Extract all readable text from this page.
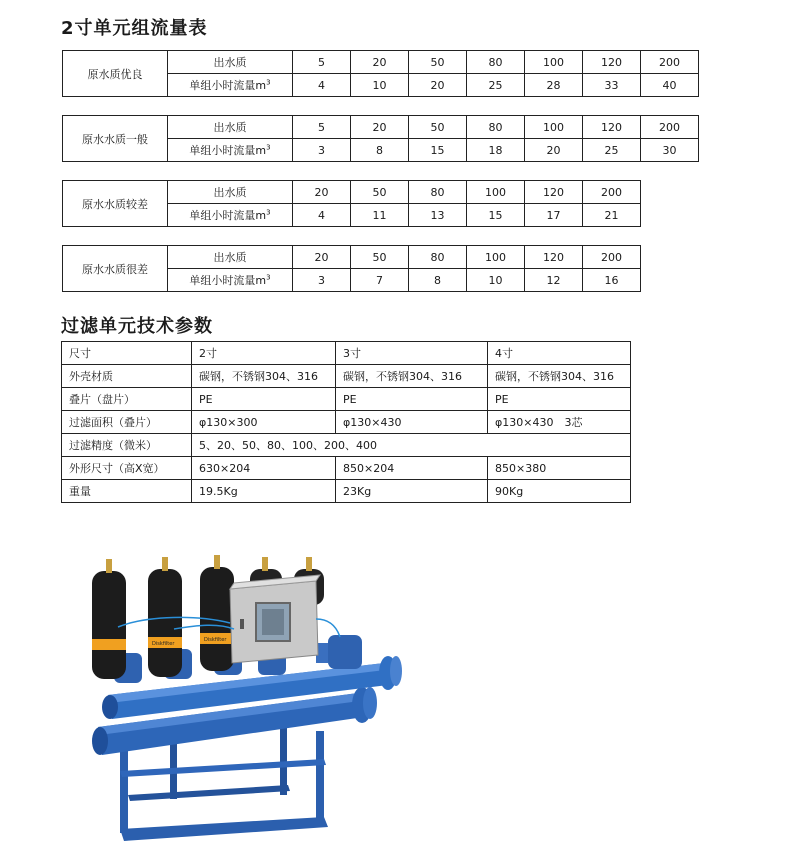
2寸单元组流量表
原水质优良	出水质	5	20	50	80	100	120	200
	单组小时流量$m^3$	4	10	20	25	28	33	40
原水水质一般	出水质	5	20	50	80	100	120	200
	单组小时流量$m^3$	3	8	15	18	20	25	30
原水水质较差	出水质	20	50	80	100	120	200
	单组小时流量$m^3$	4	11	13	15	17	21
原水水质很差	出水质	20	50	80	100	120	200
	单组小时流量$m^3$	3	7	8	10	12	16
过滤单元技术参数
尺寸	2寸	3寸	4寸
外壳材质	碳钢，不锈钢304、316	碳钢，不锈钢304、316	碳钢，不锈钢304、316
叠片（盘片）	PE	PE	PE
过滤面积（叠片）	φ130×300	φ130×430	φ130×430　3芯
过滤精度（微米）	5、20、50、80、100、200、400		
外形尺寸（高X宽）	630×204	850×204	850×380
重量	19.5Kg	23Kg	90Kg
Diskfilter
Diskfilter
